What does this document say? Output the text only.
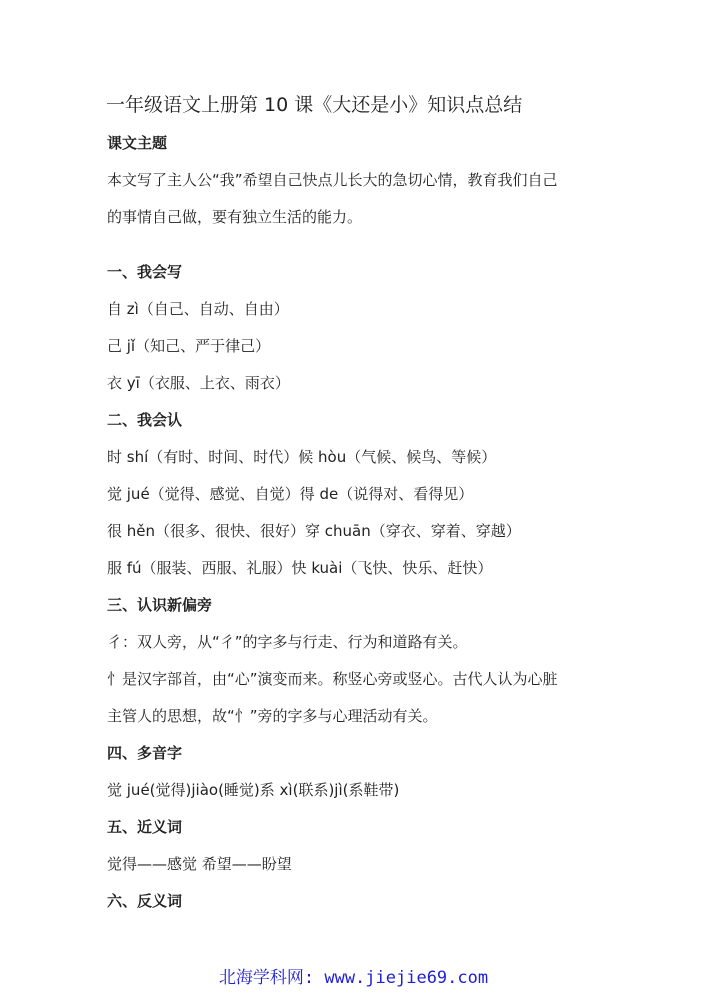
一年级语文上册第 10 课《大还是小》知识点总结
课文主题
本文写了主人公“我”希望自己快点儿长大的急切心情，教育我们自己
的事情自己做，要有独立生活的能力。
一、我会写
自 zì（自己、自动、自由）
己 jǐ（知己、严于律己）
衣 yī（衣服、上衣、雨衣）
二、我会认
时 shí（有时、时间、时代）候 hòu（气候、候鸟、等候）
觉 jué（觉得、感觉、自觉）得 de（说得对、看得见）
很 hěn（很多、很快、很好）穿 chuān（穿衣、穿着、穿越）
服 fú（服装、西服、礼服）快 kuài（飞快、快乐、赶快）
三、认识新偏旁
彳：双人旁，从“彳”的字多与行走、行为和道路有关。
忄是汉字部首，由“心”演变而来。称竖心旁或竖心。古代人认为心脏
主管人的思想，故“忄”旁的字多与心理活动有关。
四、多音字
觉 jué(觉得)jiào(睡觉)系 xì(联系)jì(系鞋带)
五、近义词
觉得——感觉 希望——盼望
六、反义词
北海学科网: www.jiejie69.com
